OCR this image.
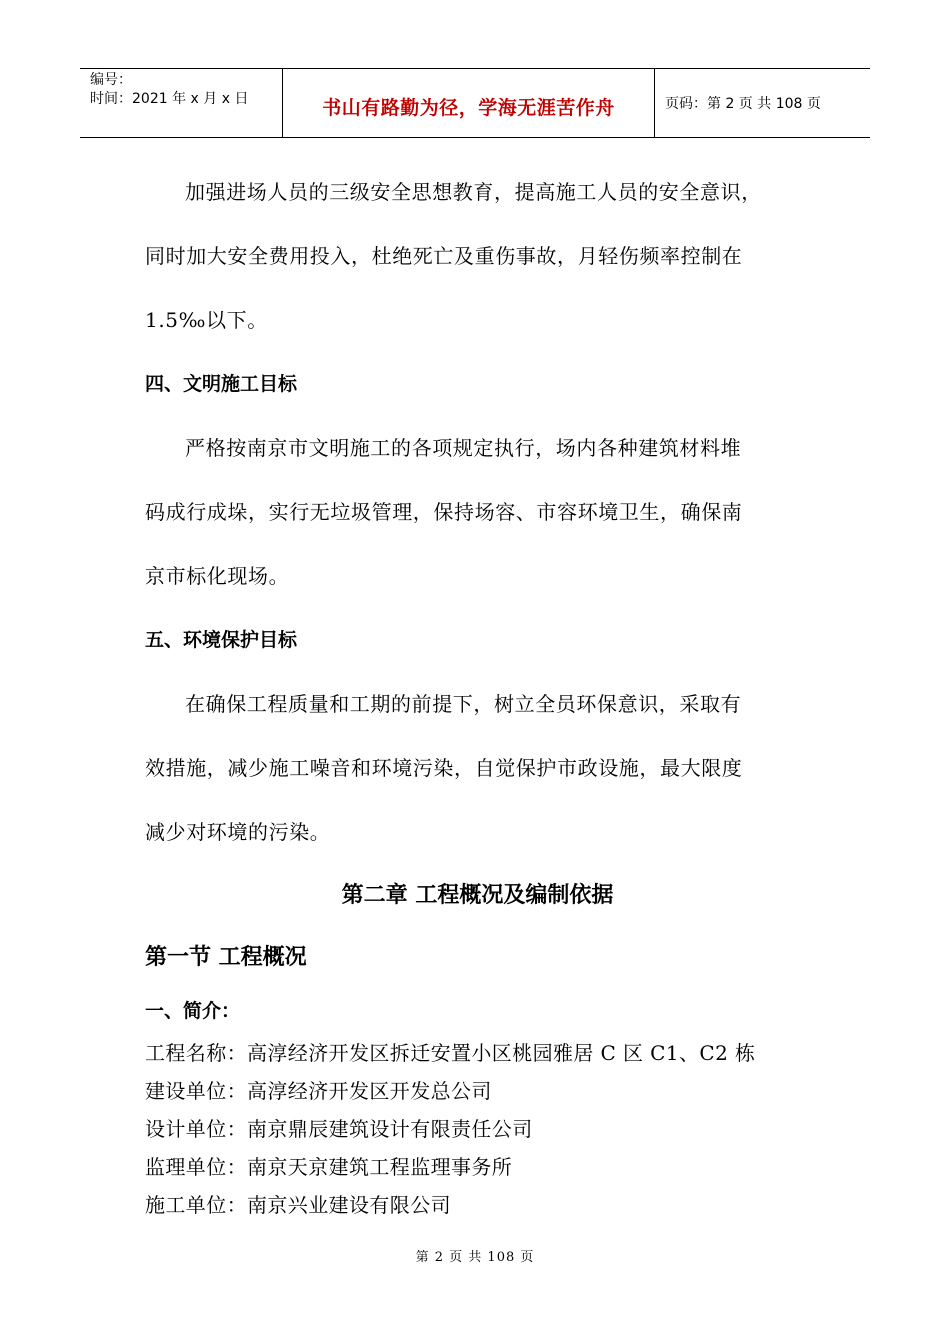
编号：
时间：2021 年 x 月 x 日	书山有路勤为径，学海无涯苦作舟	页码：第 2 页 共 108 页

加强进场人员的三级安全思想教育，提高施工人员的安全意识，

同时加大安全费用投入，杜绝死亡及重伤事故，月轻伤频率控制在

1.5‰以下。

四、文明施工目标

严格按南京市文明施工的各项规定执行，场内各种建筑材料堆

码成行成垛，实行无垃圾管理，保持场容、市容环境卫生，确保南

京市标化现场。

五、环境保护目标

在确保工程质量和工期的前提下，树立全员环保意识，采取有

效措施，减少施工噪音和环境污染，自觉保护市政设施，最大限度

减少对环境的污染。

第二章 工程概况及编制依据

第一节 工程概况

一、简介：

工程名称：高淳经济开发区拆迁安置小区桃园雅居 C 区 C1、C2 栋

建设单位：高淳经济开发区开发总公司

设计单位：南京鼎辰建筑设计有限责任公司

监理单位：南京天京建筑工程监理事务所

施工单位：南京兴业建设有限公司

第 2 页 共 108 页
